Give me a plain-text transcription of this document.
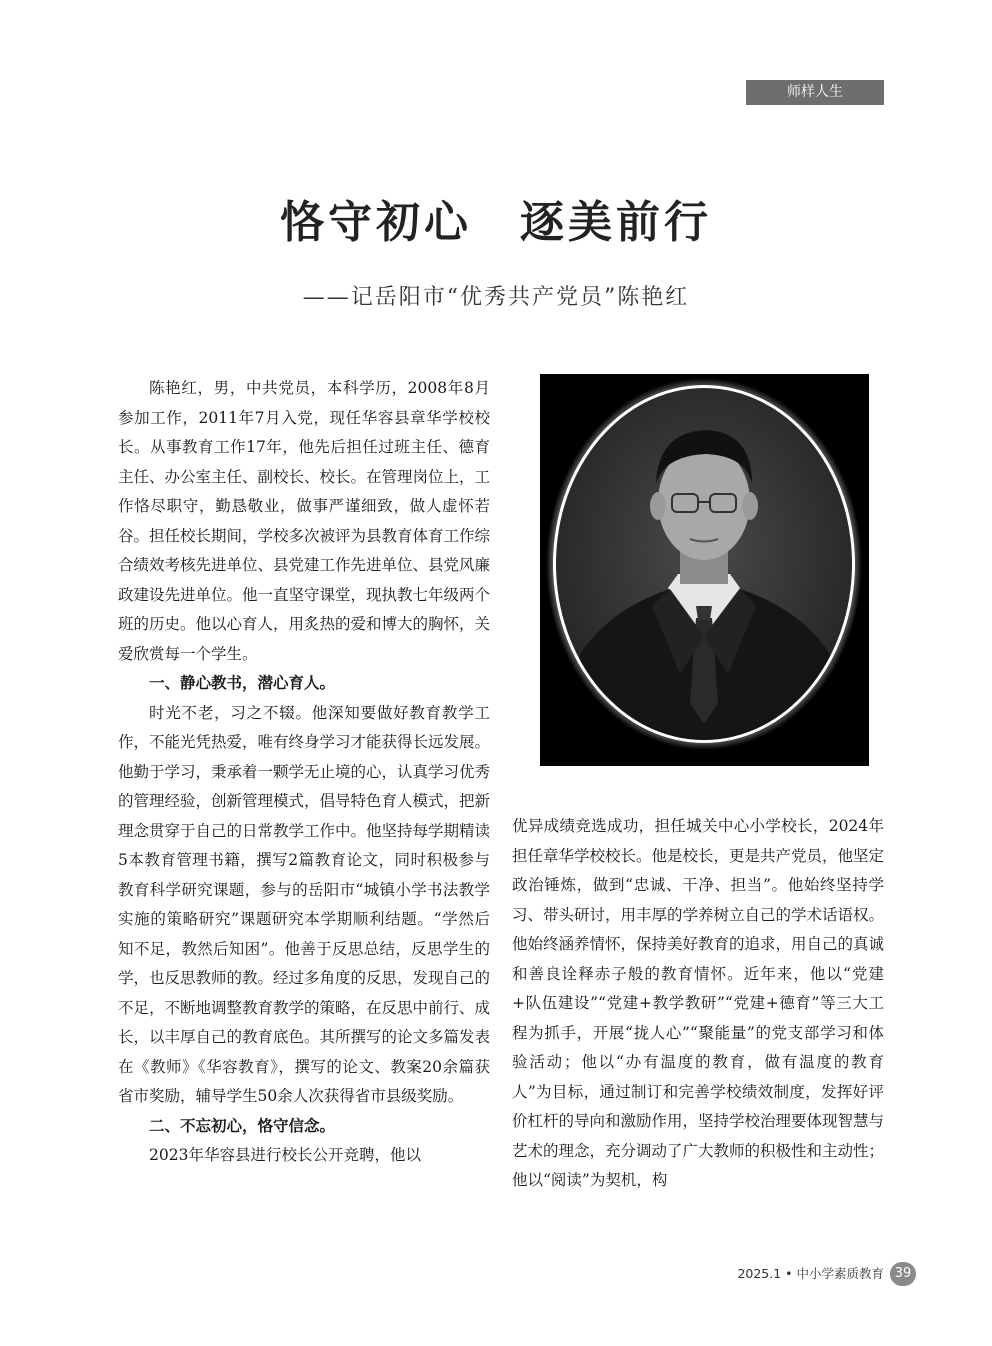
师样人生
恪守初心　逐美前行
——记岳阳市“优秀共产党员”陈艳红

陈艳红，男，中共党员，本科学历，2008年8月参加工作，2011年7月入党，现任华容县章华学校校长。从事教育工作17年，他先后担任过班主任、德育主任、办公室主任、副校长、校长。在管理岗位上，工作恪尽职守，勤恳敬业，做事严谨细致，做人虚怀若谷。担任校长期间，学校多次被评为县教育体育工作综合绩效考核先进单位、县党建工作先进单位、县党风廉政建设先进单位。他一直坚守课堂，现执教七年级两个班的历史。他以心育人，用炙热的爱和博大的胸怀，关爱欣赏每一个学生。

一、静心教书，潜心育人。

时光不老，习之不辍。他深知要做好教育教学工作，不能光凭热爱，唯有终身学习才能获得长远发展。他勤于学习，秉承着一颗学无止境的心，认真学习优秀的管理经验，创新管理模式，倡导特色育人模式，把新理念贯穿于自己的日常教学工作中。他坚持每学期精读5本教育管理书籍，撰写2篇教育论文，同时积极参与教育科学研究课题，参与的岳阳市“城镇小学书法教学实施的策略研究”课题研究本学期顺利结题。“学然后知不足，教然后知困”。他善于反思总结，反思学生的学，也反思教师的教。经过多角度的反思，发现自己的不足，不断地调整教育教学的策略，在反思中前行、成长，以丰厚自己的教育底色。其所撰写的论文多篇发表在《教师》《华容教育》，撰写的论文、教案20余篇获省市奖励，辅导学生50余人次获得省市县级奖励。

二、不忘初心，恪守信念。

2023年华容县进行校长公开竞聘，他以

优异成绩竞选成功，担任城关中心小学校长，2024年担任章华学校校长。他是校长，更是共产党员，他坚定政治锤炼，做到“忠诚、干净、担当”。他始终坚持学习、带头研讨，用丰厚的学养树立自己的学术话语权。他始终涵养情怀，保持美好教育的追求，用自己的真诚和善良诠释赤子般的教育情怀。近年来，他以“党建+队伍建设”“党建+教学教研”“党建+德育”等三大工程为抓手，开展“拢人心”“聚能量”的党支部学习和体验活动；他以“办有温度的教育，做有温度的教育人”为目标，通过制订和完善学校绩效制度，发挥好评价杠杆的导向和激励作用，坚持学校治理要体现智慧与艺术的理念，充分调动了广大教师的积极性和主动性；他以“阅读”为契机，构

2025.1 • 中小学素质教育 39
